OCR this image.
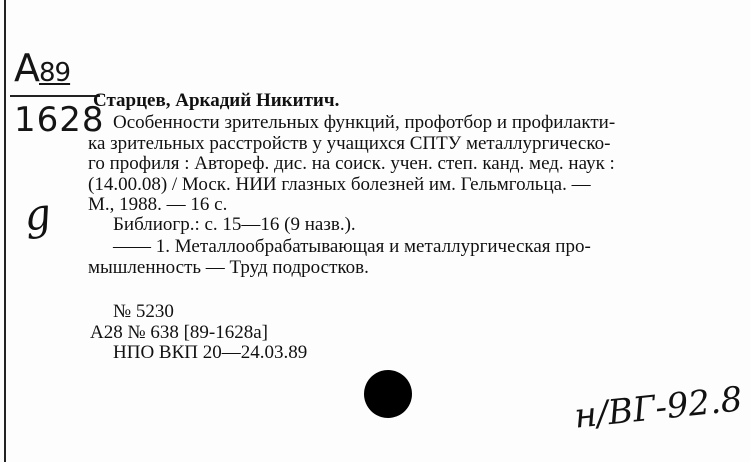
А89
1628
g
Старцев, Аркадий Никитич.
Особенности зрительных функций, профотбор и профилакти-
ка зрительных расстройств у учащихся СПТУ металлургическо-
го профиля : Автореф. дис. на соиск. учен. степ. канд. мед. наук :
(14.00.08) / Моск. НИИ глазных болезней им. Гельмгольца. —
М., 1988. — 16 с.
Библиогр.: с. 15—16 (9 назв.).
—— 1. Металлообрабатывающая и металлургическая про-
мышленность — Труд подростков.
№ 5230
А28 № 638 [89-1628а]
НПО ВКП 20—24.03.89
н/ВГ-92.8
